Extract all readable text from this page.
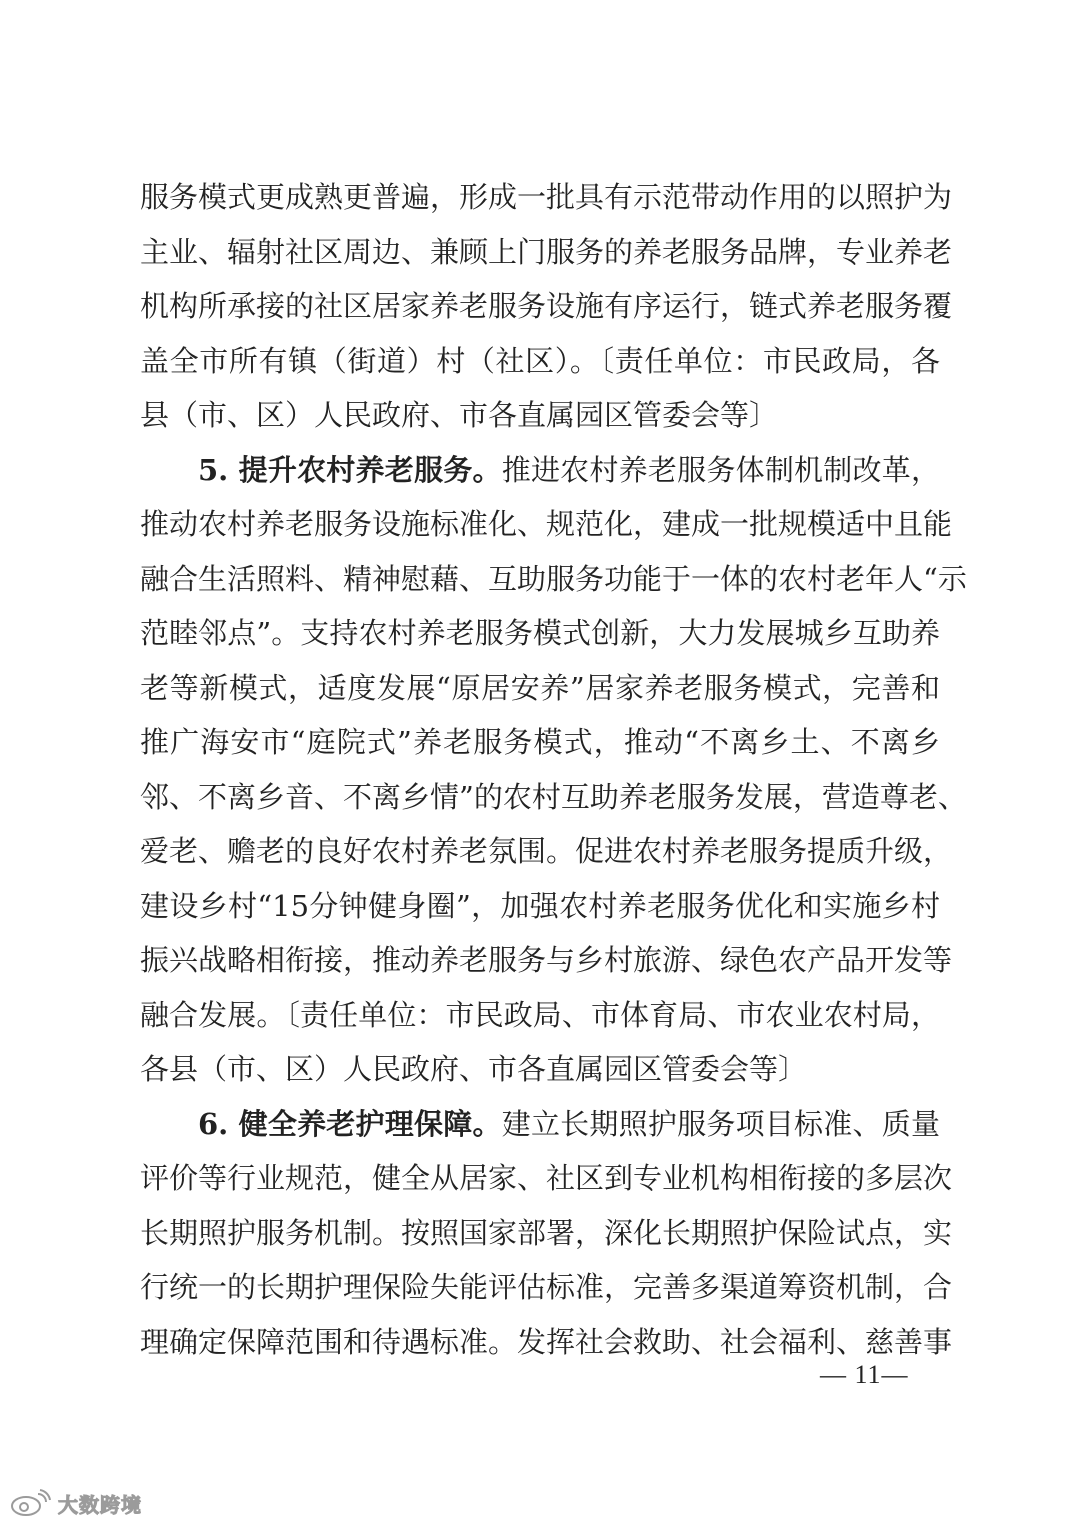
服务模式更成熟更普遍，形成一批具有示范带动作用的以照护为
主业、辐射社区周边、兼顾上门服务的养老服务品牌，专业养老
机构所承接的社区居家养老服务设施有序运行，链式养老服务覆
盖全市所有镇（街道）村（社区）。〔责任单位：市民政局，各
县（市、区）人民政府、市各直属园区管委会等〕
5. 提升农村养老服务。推进农村养老服务体制机制改革，
推动农村养老服务设施标准化、规范化，建成一批规模适中且能
融合生活照料、精神慰藉、互助服务功能于一体的农村老年人“示
范睦邻点”。支持农村养老服务模式创新，大力发展城乡互助养
老等新模式，适度发展“原居安养”居家养老服务模式，完善和
推广海安市“庭院式”养老服务模式，推动“不离乡土、不离乡
邻、不离乡音、不离乡情”的农村互助养老服务发展，营造尊老、
爱老、赡老的良好农村养老氛围。促进农村养老服务提质升级，
建设乡村“15分钟健身圈”，加强农村养老服务优化和实施乡村
振兴战略相衔接，推动养老服务与乡村旅游、绿色农产品开发等
融合发展。〔责任单位：市民政局、市体育局、市农业农村局，
各县（市、区）人民政府、市各直属园区管委会等〕
6. 健全养老护理保障。建立长期照护服务项目标准、质量
评价等行业规范，健全从居家、社区到专业机构相衔接的多层次
长期照护服务机制。按照国家部署，深化长期照护保险试点，实
行统一的长期护理保险失能评估标准，完善多渠道筹资机制，合
理确定保障范围和待遇标准。发挥社会救助、社会福利、慈善事
— 11—
大数跨境
